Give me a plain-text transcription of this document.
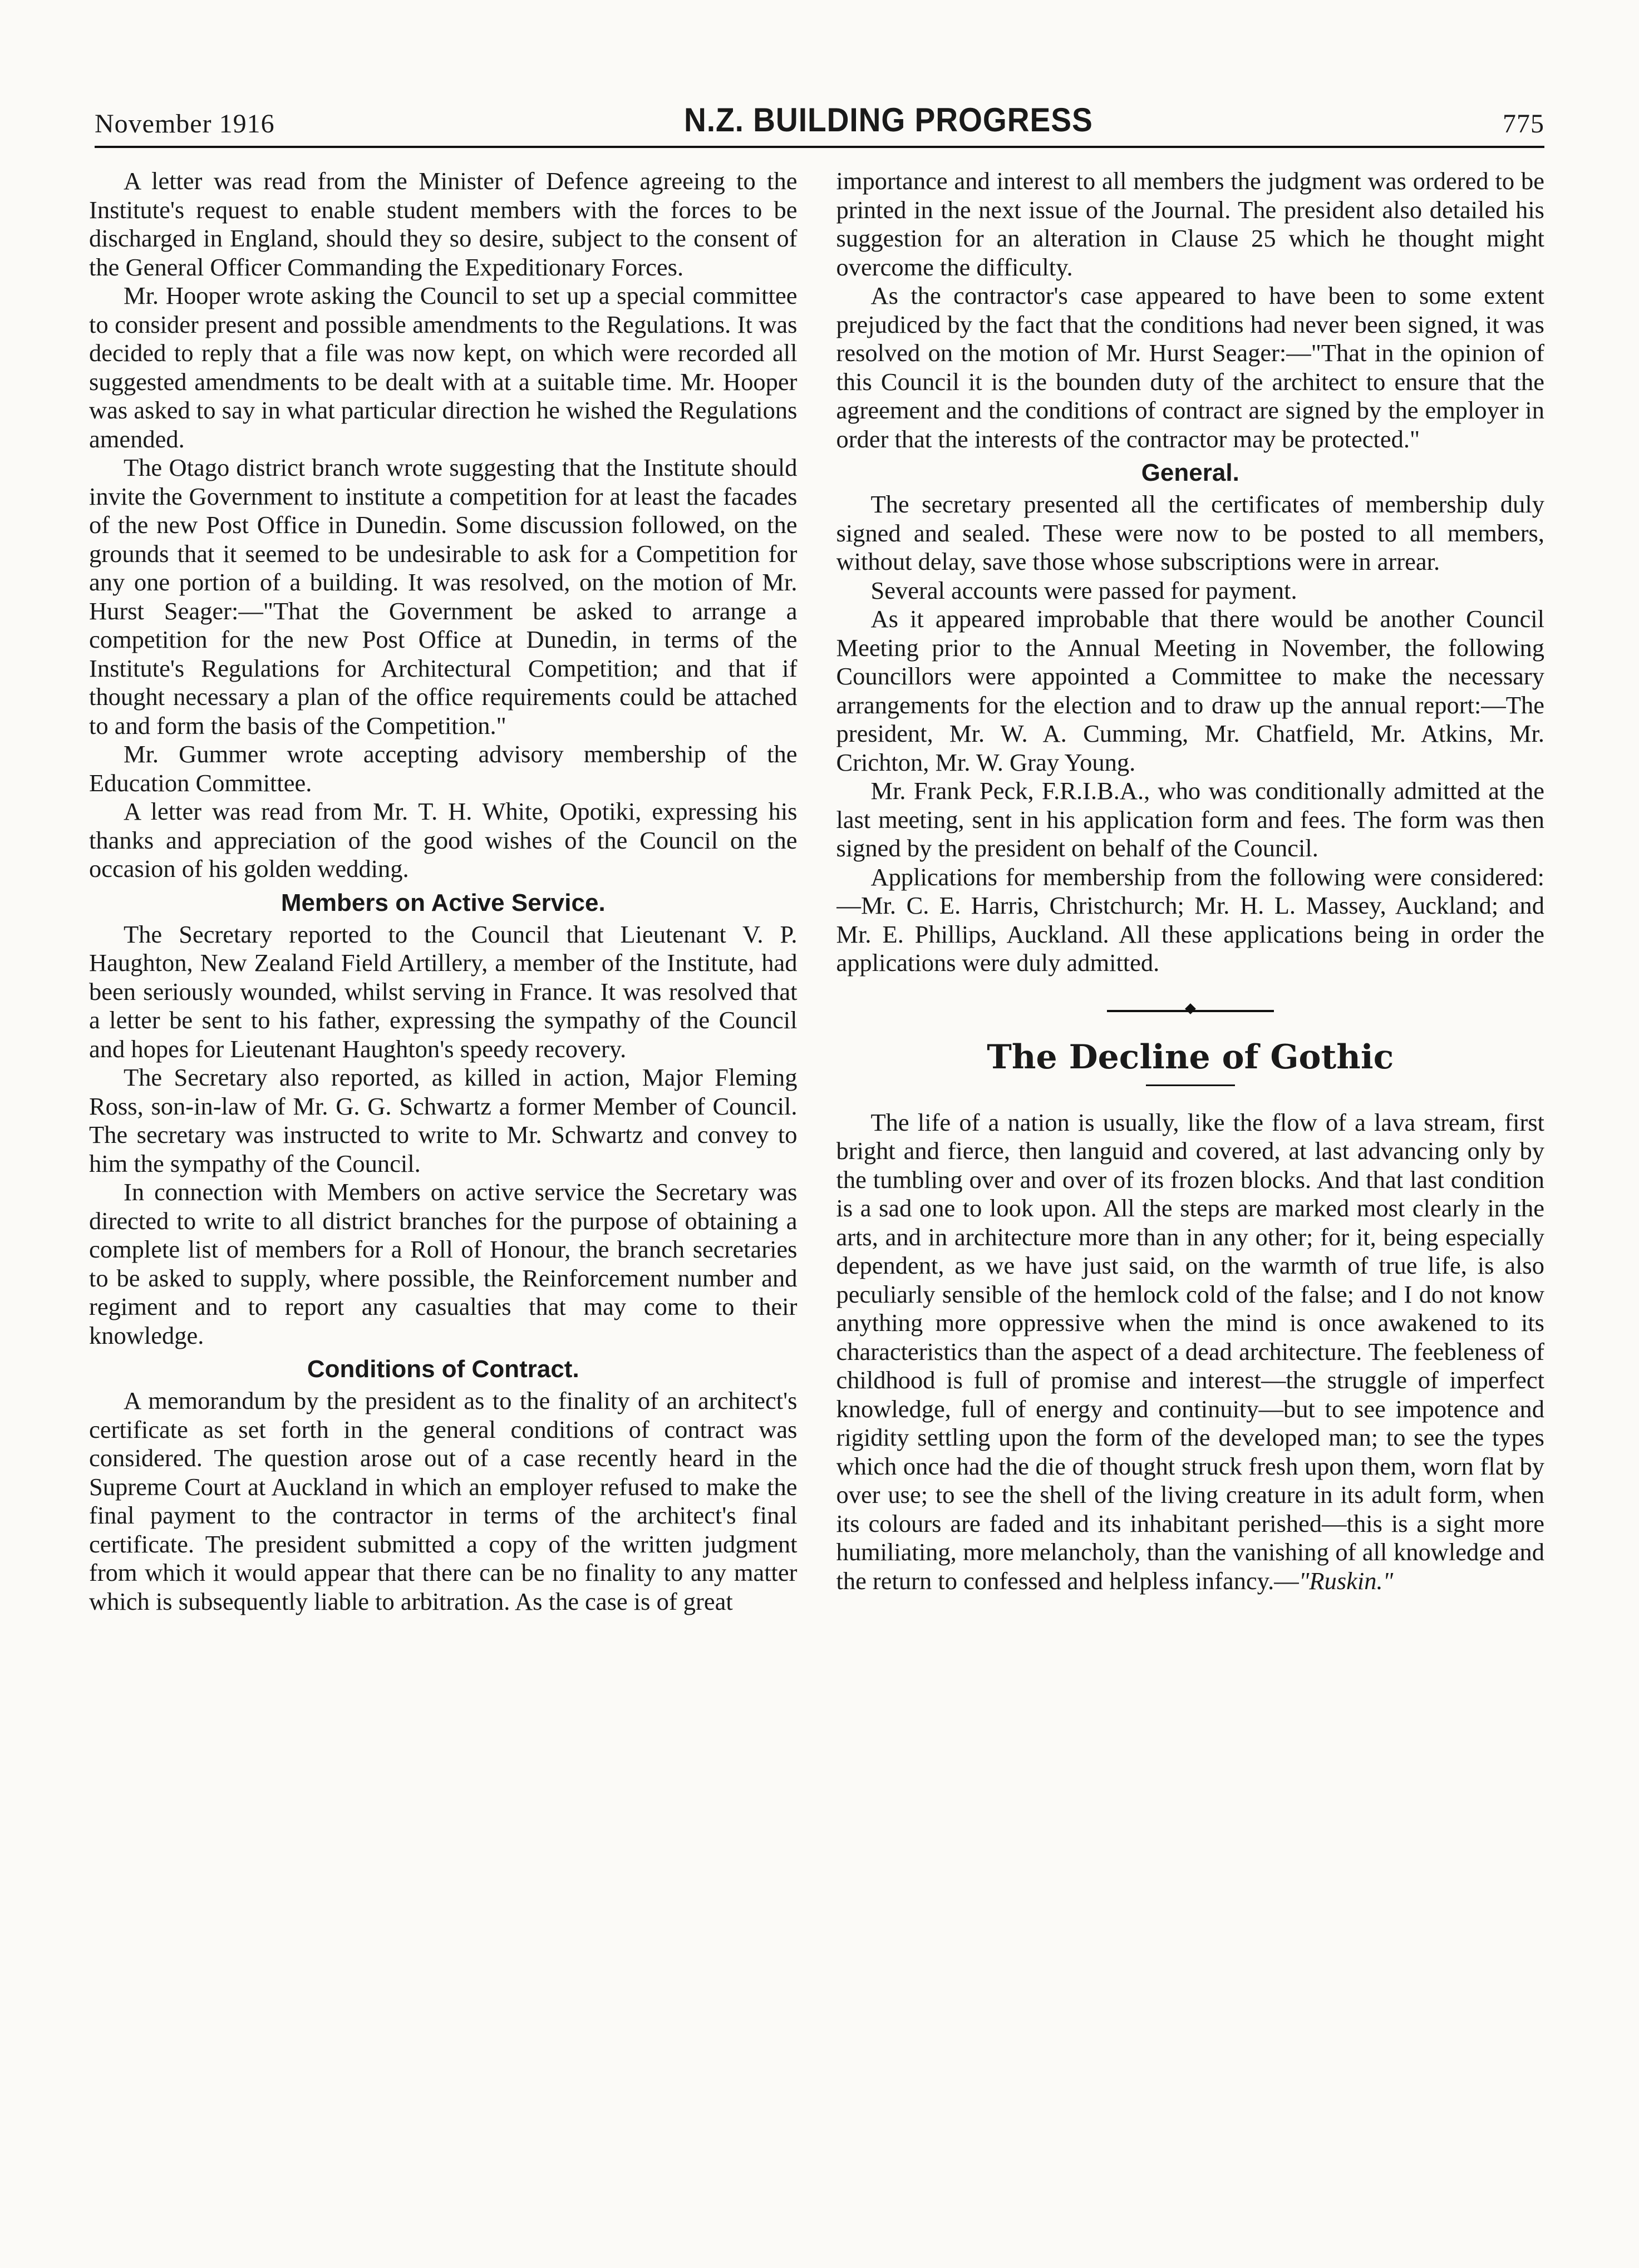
November 1916	N.Z. BUILDING PROGRESS	775

A letter was read from the Minister of Defence agreeing to the Institute's request to enable student members with the forces to be discharged in England, should they so desire, subject to the consent of the General Officer Commanding the Expeditionary Forces.

Mr. Hooper wrote asking the Council to set up a special committee to consider present and possible amendments to the Regulations. It was decided to reply that a file was now kept, on which were recorded all suggested amendments to be dealt with at a suitable time. Mr. Hooper was asked to say in what particular direction he wished the Regulations amended.

The Otago district branch wrote suggesting that the Institute should invite the Government to institute a competition for at least the facades of the new Post Office in Dunedin. Some discussion followed, on the grounds that it seemed to be undesirable to ask for a Competition for any one portion of a building. It was resolved, on the motion of Mr. Hurst Seager:—"That the Government be asked to arrange a competition for the new Post Office at Dunedin, in terms of the Institute's Regulations for Architectural Competition; and that if thought necessary a plan of the office requirements could be attached to and form the basis of the Competition."

Mr. Gummer wrote accepting advisory membership of the Education Committee.

A letter was read from Mr. T. H. White, Opotiki, expressing his thanks and appreciation of the good wishes of the Council on the occasion of his golden wedding.

Members on Active Service.

The Secretary reported to the Council that Lieutenant V. P. Haughton, New Zealand Field Artillery, a member of the Institute, had been seriously wounded, whilst serving in France. It was resolved that a letter be sent to his father, expressing the sympathy of the Council and hopes for Lieutenant Haughton's speedy recovery.

The Secretary also reported, as killed in action, Major Fleming Ross, son-in-law of Mr. G. G. Schwartz a former Member of Council. The secretary was instructed to write to Mr. Schwartz and convey to him the sympathy of the Council.

In connection with Members on active service the Secretary was directed to write to all district branches for the purpose of obtaining a complete list of members for a Roll of Honour, the branch secretaries to be asked to supply, where possible, the Reinforcement number and regiment and to report any casualties that may come to their knowledge.

Conditions of Contract.

A memorandum by the president as to the finality of an architect's certificate as set forth in the general conditions of contract was considered. The question arose out of a case recently heard in the Supreme Court at Auckland in which an employer refused to make the final payment to the contractor in terms of the architect's final certificate. The president submitted a copy of the written judgment from which it would appear that there can be no finality to any matter which is subsequently liable to arbitration. As the case is of great

importance and interest to all members the judgment was ordered to be printed in the next issue of the Journal. The president also detailed his suggestion for an alteration in Clause 25 which he thought might overcome the difficulty.

As the contractor's case appeared to have been to some extent prejudiced by the fact that the conditions had never been signed, it was resolved on the motion of Mr. Hurst Seager:—"That in the opinion of this Council it is the bounden duty of the architect to ensure that the agreement and the conditions of contract are signed by the employer in order that the interests of the contractor may be protected."

General.

The secretary presented all the certificates of membership duly signed and sealed. These were now to be posted to all members, without delay, save those whose subscriptions were in arrear.

Several accounts were passed for payment.

As it appeared improbable that there would be another Council Meeting prior to the Annual Meeting in November, the following Councillors were appointed a Committee to make the necessary arrangements for the election and to draw up the annual report:—The president, Mr. W. A. Cumming, Mr. Chatfield, Mr. Atkins, Mr. Crichton, Mr. W. Gray Young.

Mr. Frank Peck, F.R.I.B.A., who was conditionally admitted at the last meeting, sent in his application form and fees. The form was then signed by the president on behalf of the Council.

Applications for membership from the following were considered:—Mr. C. E. Harris, Christchurch; Mr. H. L. Massey, Auckland; and Mr. E. Phillips, Auckland. All these applications being in order the applications were duly admitted.

The Decline of Gothic

The life of a nation is usually, like the flow of a lava stream, first bright and fierce, then languid and covered, at last advancing only by the tumbling over and over of its frozen blocks. And that last condition is a sad one to look upon. All the steps are marked most clearly in the arts, and in architecture more than in any other; for it, being especially dependent, as we have just said, on the warmth of true life, is also peculiarly sensible of the hemlock cold of the false; and I do not know anything more oppressive when the mind is once awakened to its characteristics than the aspect of a dead architecture. The feebleness of childhood is full of promise and interest—the struggle of imperfect knowledge, full of energy and continuity—but to see impotence and rigidity settling upon the form of the developed man; to see the types which once had the die of thought struck fresh upon them, worn flat by over use; to see the shell of the living creature in its adult form, when its colours are faded and its inhabitant perished—this is a sight more humiliating, more melancholy, than the vanishing of all knowledge and the return to confessed and helpless infancy.—"Ruskin."
